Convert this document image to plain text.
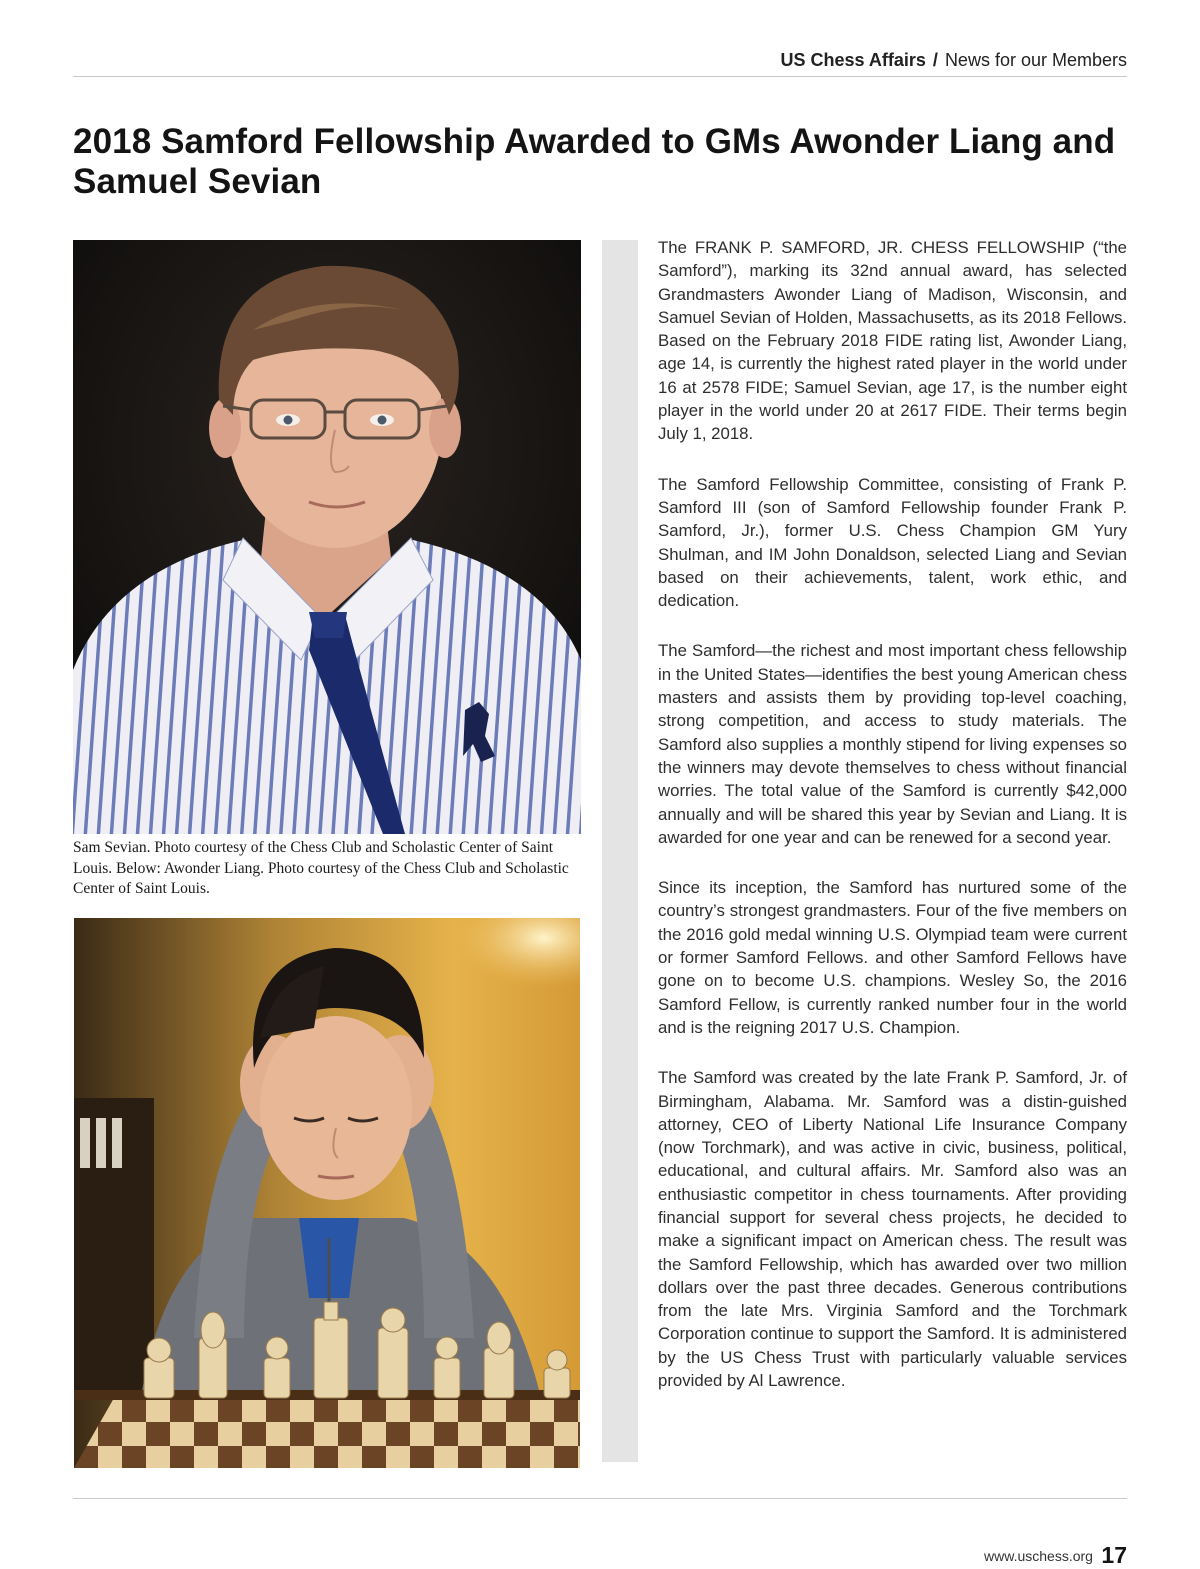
US Chess Affairs / News for our Members
2018 Samford Fellowship Awarded to GMs Awonder Liang and Samuel Sevian

Sam Sevian. Photo courtesy of the Chess Club and Scholastic Center of Saint Louis. Below: Awonder Liang. Photo courtesy of the Chess Club and Scholastic Center of Saint Louis.

The FRANK P. SAMFORD, JR. CHESS FELLOWSHIP (“the Samford”), marking its 32nd annual award, has selected Grandmasters Awonder Liang of Madison, Wisconsin, and Samuel Sevian of Holden, Massachusetts, as its 2018 Fellows. Based on the February 2018 FIDE rating list, Awonder Liang, age 14, is currently the highest rated player in the world under 16 at 2578 FIDE; Samuel Sevian, age 17, is the number eight player in the world under 20 at 2617 FIDE. Their terms begin July 1, 2018.

The Samford Fellowship Committee, consisting of Frank P. Samford III (son of Samford Fellowship founder Frank P. Samford, Jr.), former U.S. Chess Champion GM Yury Shulman, and IM John Donaldson, selected Liang and Sevian based on their achievements, talent, work ethic, and dedication.

The Samford—the richest and most important chess fellowship in the United States—identifies the best young American chess masters and assists them by providing top-level coaching, strong competition, and access to study materials. The Samford also supplies a monthly stipend for living expenses so the winners may devote themselves to chess without financial worries. The total value of the Samford is currently $42,000 annually and will be shared this year by Sevian and Liang. It is awarded for one year and can be renewed for a second year.

Since its inception, the Samford has nurtured some of the country’s strongest grandmasters. Four of the five members on the 2016 gold medal winning U.S. Olympiad team were current or former Samford Fellows. and other Samford Fellows have gone on to become U.S. champions. Wesley So, the 2016 Samford Fellow, is currently ranked number four in the world and is the reigning 2017 U.S. Champion.

The Samford was created by the late Frank P. Samford, Jr. of Birmingham, Alabama. Mr. Samford was a distin-guished attorney, CEO of Liberty National Life Insurance Company (now Torchmark), and was active in civic, business, political, educational, and cultural affairs. Mr. Samford also was an enthusiastic competitor in chess tournaments. After providing financial support for several chess projects, he decided to make a significant impact on American chess. The result was the Samford Fellowship, which has awarded over two million dollars over the past three decades. Generous contributions from the late Mrs. Virginia Samford and the Torchmark Corporation continue to support the Samford. It is administered by the US Chess Trust with particularly valuable services provided by Al Lawrence.

www.uschess.org 17
